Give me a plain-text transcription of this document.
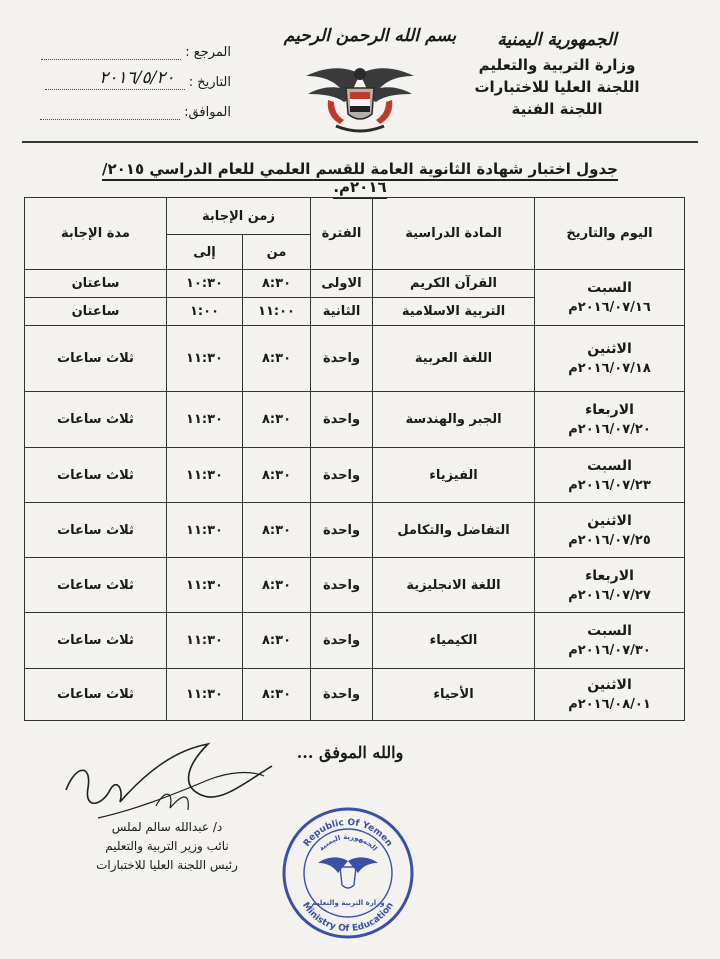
الجمهورية اليمنية
وزارة التربية والتعليم
اللجنة العليا للاختبارات
اللجنة الفنية
بسم الله الرحمن الرحيم
المرجع :
التاريخ :
٢٠١٦/٥/٢٠
الموافق:
جدول اختبار شهادة الثانوية العامة للقسم العلمي للعام الدراسي ٢٠١٥/ ٢٠١٦م.
اليوم والتاريخ	المادة الدراسية	الفترة	زمن الإجابة		مدة الإجابة
			من	إلى	

السبت
٢٠١٦/٠٧/١٦م	القرآن الكريم	الاولى	٨:٣٠	١٠:٣٠	ساعتان
	التربية الاسلامية	الثانية	١١:٠٠	١:٠٠	ساعتان

الاثنين
٢٠١٦/٠٧/١٨م	اللغة العربية	واحدة	٨:٣٠	١١:٣٠	ثلاث ساعات

الاربعاء
٢٠١٦/٠٧/٢٠م	الجبر والهندسة	واحدة	٨:٣٠	١١:٣٠	ثلاث ساعات

السبت
٢٠١٦/٠٧/٢٣م	الفيزياء	واحدة	٨:٣٠	١١:٣٠	ثلاث ساعات

الاثنين
٢٠١٦/٠٧/٢٥م	التفاضل والتكامل	واحدة	٨:٣٠	١١:٣٠	ثلاث ساعات

الاربعاء
٢٠١٦/٠٧/٢٧م	اللغة الانجليزية	واحدة	٨:٣٠	١١:٣٠	ثلاث ساعات

السبت
٢٠١٦/٠٧/٣٠م	الكيمياء	واحدة	٨:٣٠	١١:٣٠	ثلاث ساعات

الاثنين
٢٠١٦/٠٨/٠١م	الأحياء	واحدة	٨:٣٠	١١:٣٠	ثلاث ساعات
والله الموفق ...
د/ عبدالله سالم لملس
نائب وزير التربية والتعليم
رئيس اللجنة العليا للاختبارات
Republic Of Yemen
Ministry Of Education
الجمهورية اليمنية
وزارة التربية والتعليم
